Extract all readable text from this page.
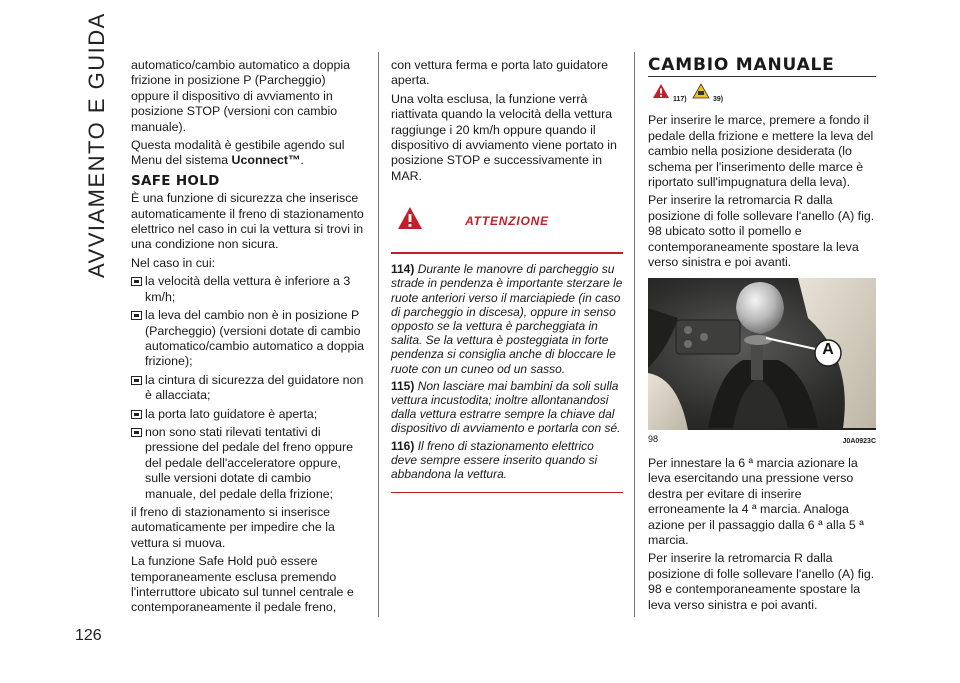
AVVIAMENTO E GUIDA
126

automatico/cambio automatico a doppia frizione in posizione P (Parcheggio) oppure il dispositivo di avviamento in posizione STOP (versioni con cambio manuale).

Questa modalità è gestibile agendo sul Menu del sistema Uconnect™.

SAFE HOLD

È una funzione di sicurezza che inserisce automaticamente il freno di stazionamento elettrico nel caso in cui la vettura si trovi in una condizione non sicura.

Nel caso in cui:

la velocità della vettura è inferiore a 3 km/h;

la leva del cambio non è in posizione P (Parcheggio) (versioni dotate di cambio automatico/cambio automatico a doppia frizione);

la cintura di sicurezza del guidatore non è allacciata;

la porta lato guidatore è aperta;

non sono stati rilevati tentativi di pressione del pedale del freno oppure del pedale dell'acceleratore oppure, sulle versioni dotate di cambio manuale, del pedale della frizione;

il freno di stazionamento si inserisce automaticamente per impedire che la vettura si muova.

La funzione Safe Hold può essere temporaneamente esclusa premendo l'interruttore ubicato sul tunnel centrale e contemporaneamente il pedale freno,

con vettura ferma e porta lato guidatore aperta.

Una volta esclusa, la funzione verrà riattivata quando la velocità della vettura raggiunge i 20 km/h oppure quando il dispositivo di avviamento viene portato in posizione STOP e successivamente in MAR.

ATTENZIONE

114) Durante le manovre di parcheggio su strade in pendenza è importante sterzare le ruote anteriori verso il marciapiede (in caso di parcheggio in discesa), oppure in senso opposto se la vettura è parcheggiata in salita. Se la vettura è posteggiata in forte pendenza si consiglia anche di bloccare le ruote con un cuneo od un sasso.

115) Non lasciare mai bambini da soli sulla vettura incustodita; inoltre allontanandosi dalla vettura estrarre sempre la chiave dal dispositivo di avviamento e portarla con sé.

116) Il freno di stazionamento elettrico deve sempre essere inserito quando si abbandona la vettura.

CAMBIO MANUALE
117)	39)

Per inserire le marce, premere a fondo il pedale della frizione e mettere la leva del cambio nella posizione desiderata (lo schema per l'inserimento delle marce è riportato sull'impugnatura della leva).

Per inserire la retromarcia R dalla posizione di folle sollevare l'anello (A) fig. 98 ubicato sotto il pomello e contemporaneamente spostare la leva verso sinistra e poi avanti.

A
98	J0A0923C

Per innestare la 6 ª marcia azionare la leva esercitando una pressione verso destra per evitare di inserire erroneamente la 4 ª marcia. Analoga azione per il passaggio dalla 6 ª alla 5 ª marcia.

Per inserire la retromarcia R dalla posizione di folle sollevare l'anello (A) fig. 98 e contemporaneamente spostare la leva verso sinistra e poi avanti.
